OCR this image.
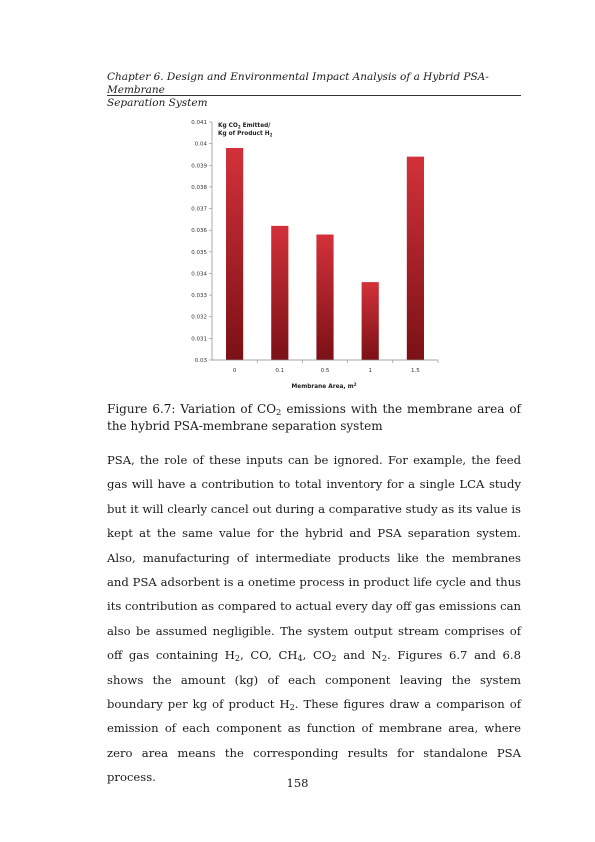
Chapter 6. Design and Environmental Impact Analysis of a Hybrid PSA-Membrane
Separation System
0.041
0.04
0.039
0.038
0.037
0.036
0.035
0.034
0.033
0.032
0.031
0.03
0	0.1	0.5	1	1.5
Kg $CO_2$ Emitted/
Kg of Product $H_2$
Membrane Area, $m^2$
Figure 6.7: Variation of $CO_2$ emissions with the membrane area of the hybrid PSA-membrane separation system

PSA, the role of these inputs can be ignored. For example, the feed gas will have a contribution to total inventory for a single LCA study but it will clearly cancel out during a comparative study as its value is kept at the same value for the hybrid and PSA separation system. Also, manufacturing of intermediate products like the membranes and PSA adsorbent is a onetime process in product life cycle and thus its contribution as compared to actual every day off gas emissions can also be assumed negligible. The system output stream comprises of off gas containing $H_2$, CO, $CH_4$, $CO_2$ and $N_2$. Figures 6.7 and 6.8 shows the amount (kg) of each component leaving the system boundary per kg of product $H_2$. These figures draw a comparison of emission of each component as function of membrane area, where zero area means the corresponding results for standalone PSA process.	158
